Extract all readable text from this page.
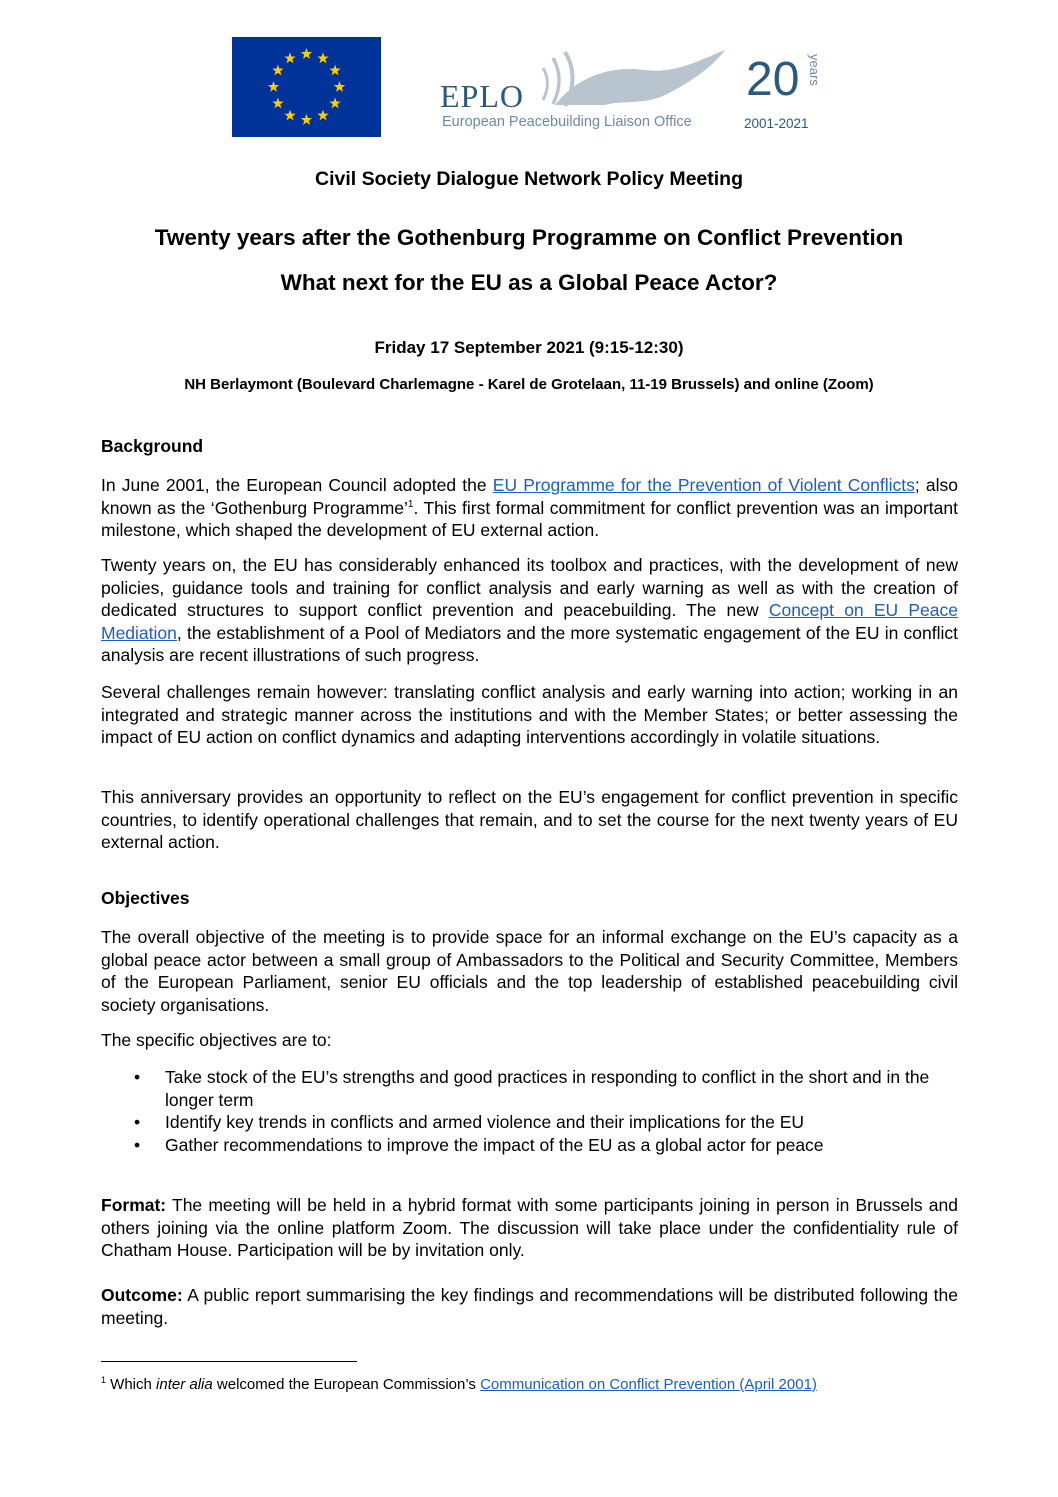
EPLO
European Peacebuilding Liaison Office
20 years
2001-2021
Civil Society Dialogue Network Policy Meeting
Twenty years after the Gothenburg Programme on Conflict Prevention
What next for the EU as a Global Peace Actor?
Friday 17 September 2021 (9:15-12:30)
NH Berlaymont (Boulevard Charlemagne - Karel de Grotelaan, 11-19 Brussels) and online (Zoom)
Background
In June 2001, the European Council adopted the EU Programme for the Prevention of Violent Conflicts; also known as the ‘Gothenburg Programme’$^1$. This first formal commitment for conflict prevention was an important milestone, which shaped the development of EU external action.
Twenty years on, the EU has considerably enhanced its toolbox and practices, with the development of new policies, guidance tools and training for conflict analysis and early warning as well as with the creation of dedicated structures to support conflict prevention and peacebuilding. The new Concept on EU Peace Mediation, the establishment of a Pool of Mediators and the more systematic engagement of the EU in conflict analysis are recent illustrations of such progress.
Several challenges remain however: translating conflict analysis and early warning into action; working in an integrated and strategic manner across the institutions and with the Member States; or better assessing the impact of EU action on conflict dynamics and adapting interventions accordingly in volatile situations.
This anniversary provides an opportunity to reflect on the EU’s engagement for conflict prevention in specific countries, to identify operational challenges that remain, and to set the course for the next twenty years of EU external action.
Objectives
The overall objective of the meeting is to provide space for an informal exchange on the EU’s capacity as a global peace actor between a small group of Ambassadors to the Political and Security Committee, Members of the European Parliament, senior EU officials and the top leadership of established peacebuilding civil society organisations.
The specific objectives are to:
• Take stock of the EU’s strengths and good practices in responding to conflict in the short and in the longer term
• Identify key trends in conflicts and armed violence and their implications for the EU
• Gather recommendations to improve the impact of the EU as a global actor for peace
Format: The meeting will be held in a hybrid format with some participants joining in person in Brussels and others joining via the online platform Zoom. The discussion will take place under the confidentiality rule of Chatham House. Participation will be by invitation only.
Outcome: A public report summarising the key findings and recommendations will be distributed following the meeting.
$^1$ Which inter alia welcomed the European Commission’s Communication on Conflict Prevention (April 2001)
